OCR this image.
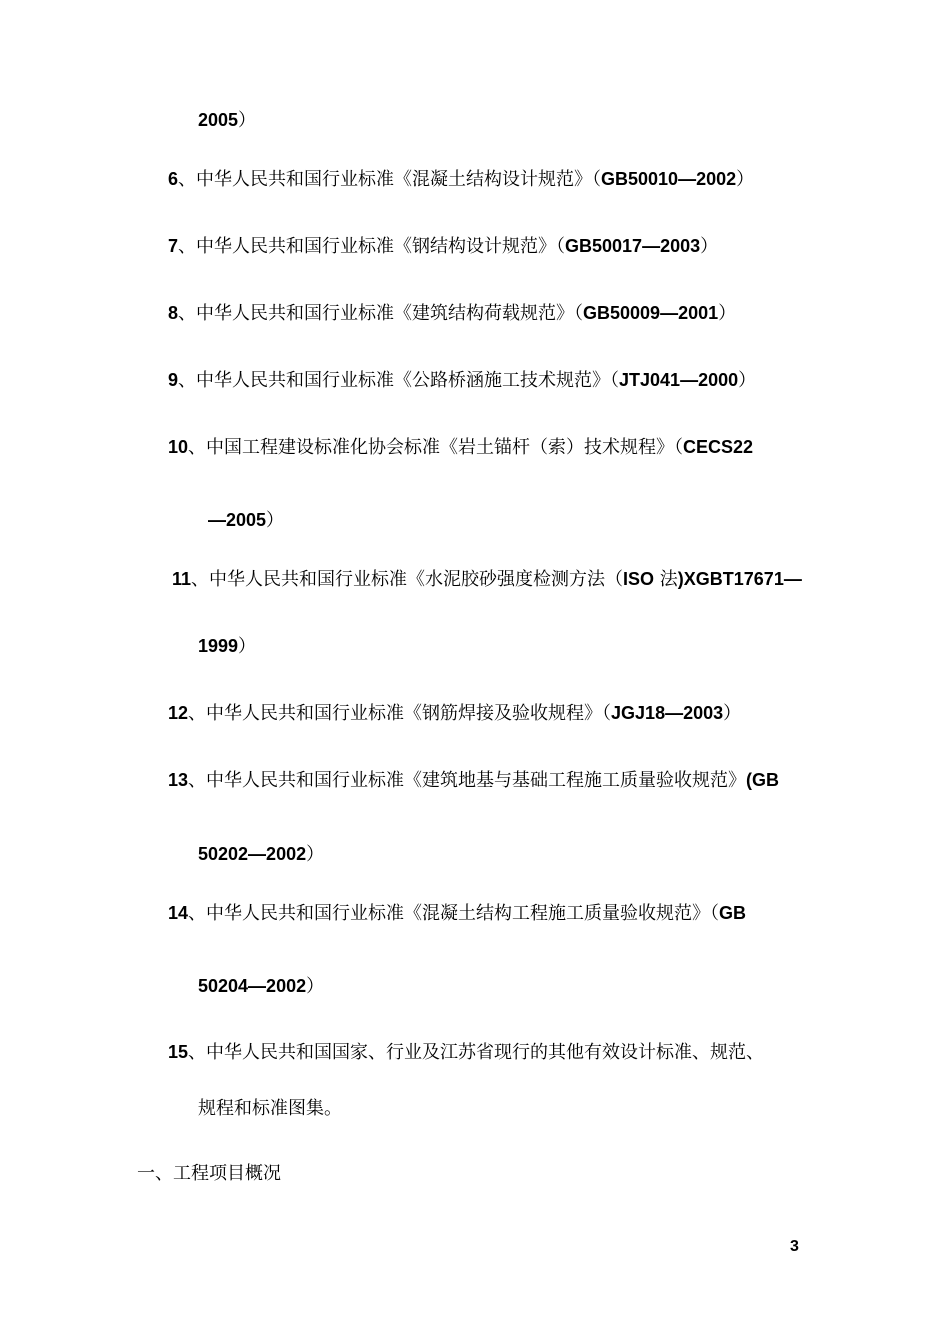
2005）
6、中华人民共和国行业标准《混凝土结构设计规范》（GB50010—2002）
7、中华人民共和国行业标准《钢结构设计规范》（GB50017—2003）
8、中华人民共和国行业标准《建筑结构荷载规范》（GB50009—2001）
9、中华人民共和国行业标准《公路桥涵施工技术规范》（JTJ041—2000）
10、中国工程建设标准化协会标准《岩土锚杆（索）技术规程》（CECS22
—2005）
11、中华人民共和国行业标准《水泥胶砂强度检测方法（ISO 法)XGBT17671—
1999）
12、中华人民共和国行业标准《钢筋焊接及验收规程》（JGJ18—2003）
13、中华人民共和国行业标准《建筑地基与基础工程施工质量验收规范》(GB
50202—2002）
14、中华人民共和国行业标准《混凝土结构工程施工质量验收规范》（GB
50204—2002）
15、中华人民共和国国家、行业及江苏省现行的其他有效设计标准、规范、
规程和标准图集。
一、工程项目概况
3
